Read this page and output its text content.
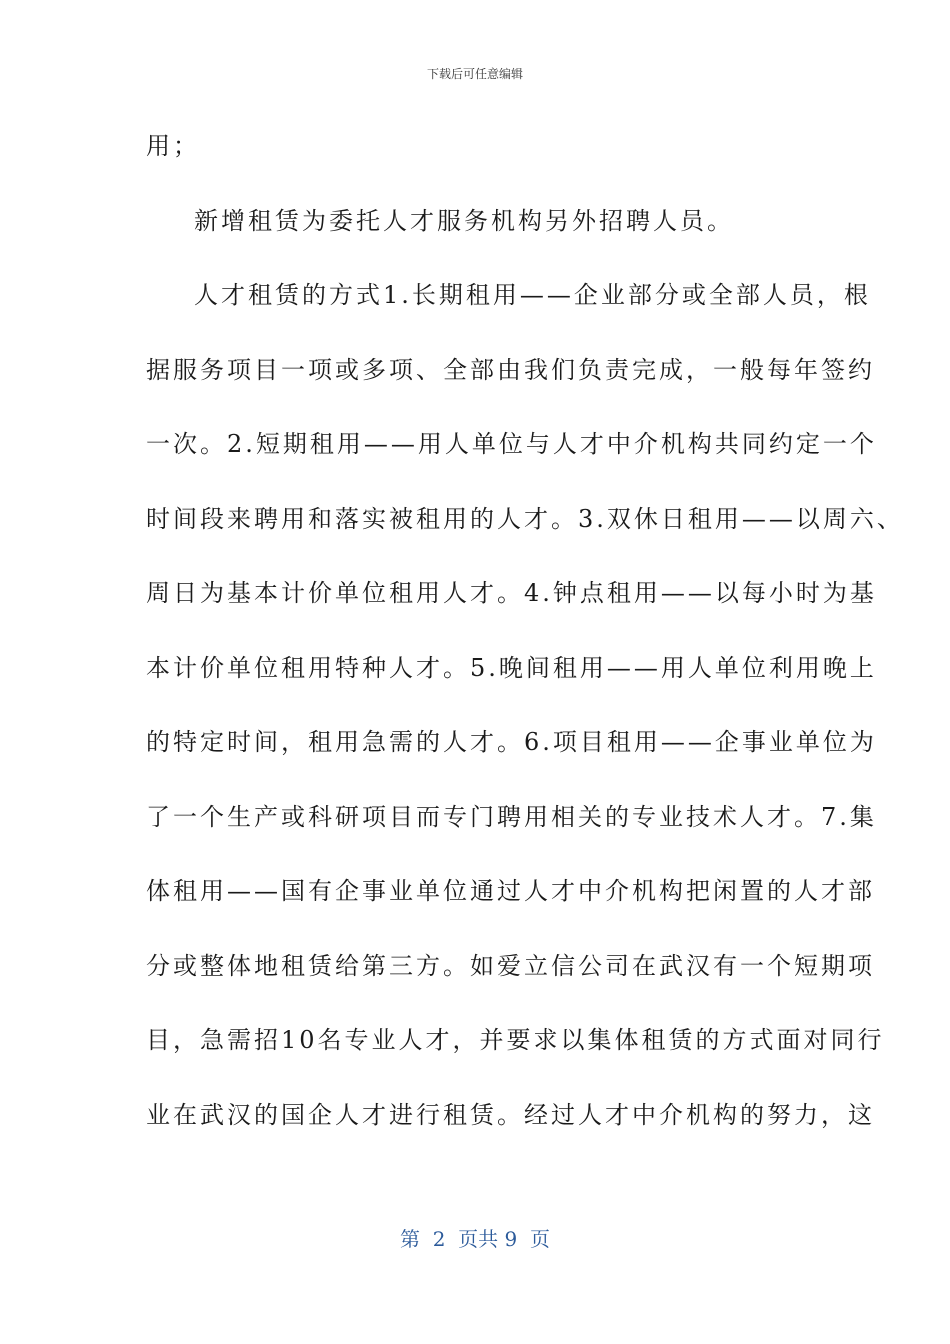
下载后可任意编辑
用；
新增租赁为委托人才服务机构另外招聘人员。
人才租赁的方式1.长期租用——企业部分或全部人员，根
据服务项目一项或多项、全部由我们负责完成，一般每年签约
一次。2.短期租用——用人单位与人才中介机构共同约定一个
时间段来聘用和落实被租用的人才。3.双休日租用——以周六、
周日为基本计价单位租用人才。4.钟点租用——以每小时为基
本计价单位租用特种人才。5.晚间租用——用人单位利用晚上
的特定时间，租用急需的人才。6.项目租用——企事业单位为
了一个生产或科研项目而专门聘用相关的专业技术人才。7.集
体租用——国有企事业单位通过人才中介机构把闲置的人才部
分或整体地租赁给第三方。如爱立信公司在武汉有一个短期项
目，急需招10名专业人才，并要求以集体租赁的方式面对同行
业在武汉的国企人才进行租赁。经过人才中介机构的努力，这
第  2  页共 9  页
